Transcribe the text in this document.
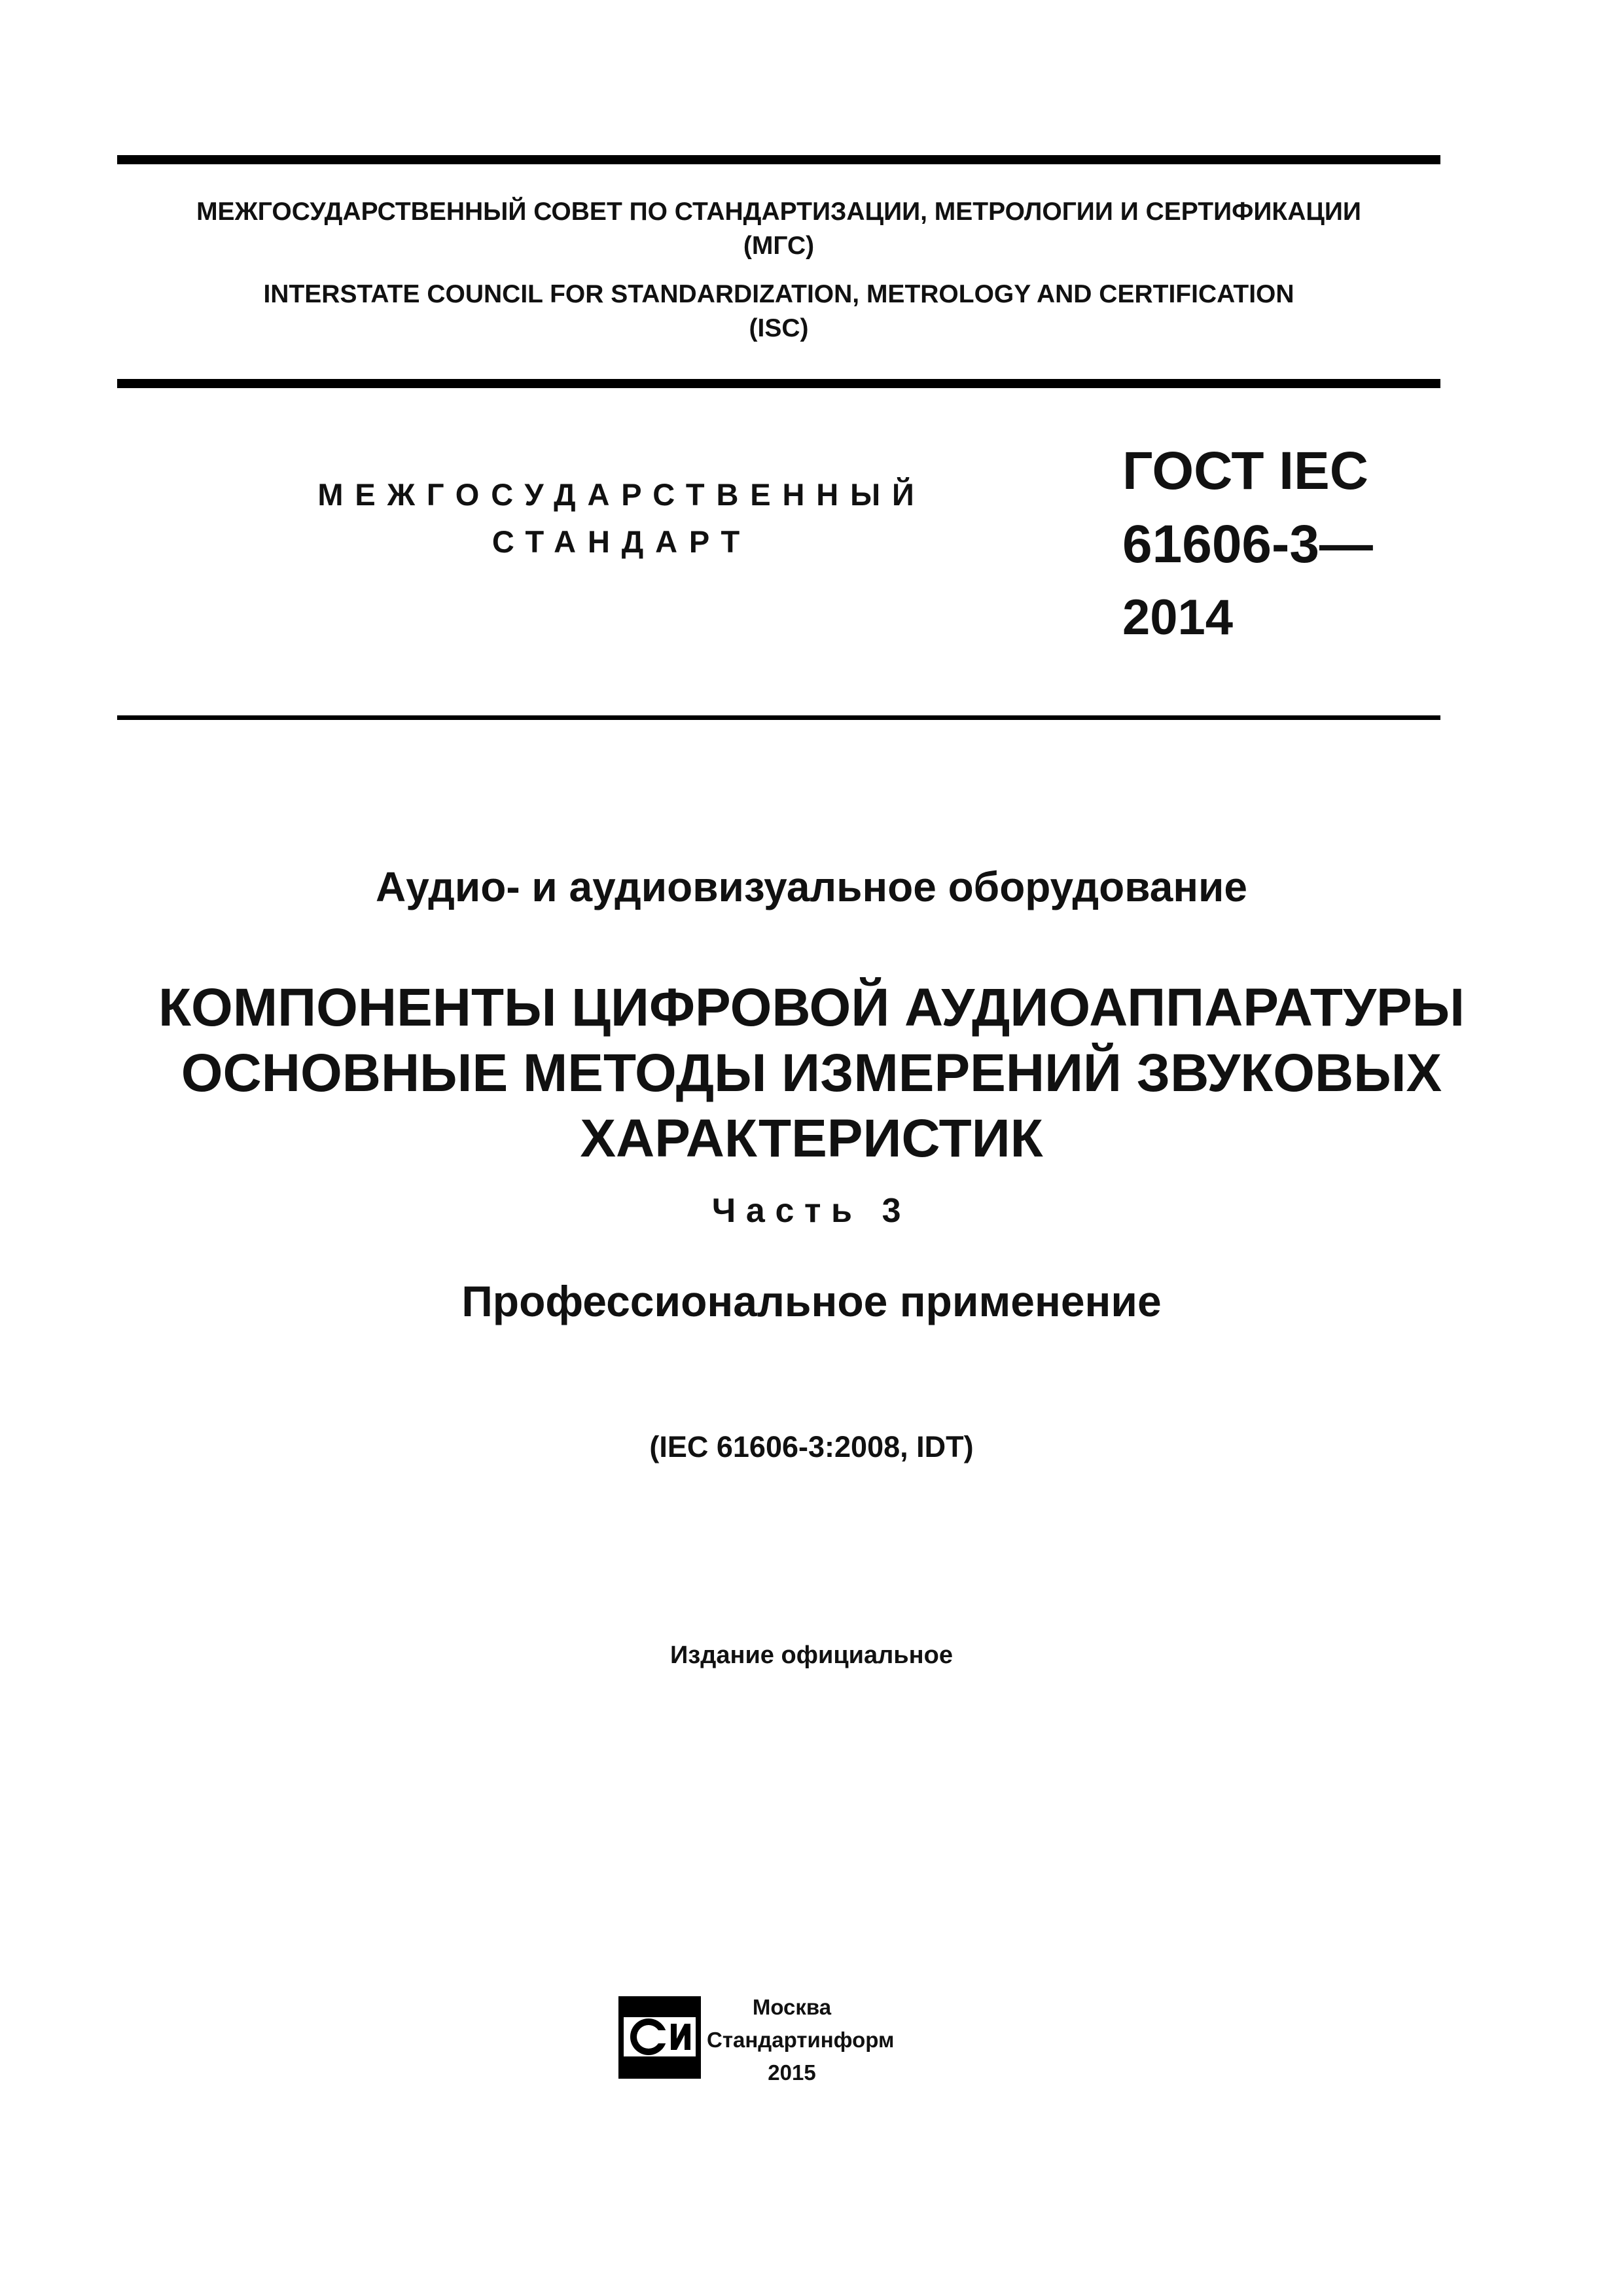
МЕЖГОСУДАРСТВЕННЫЙ СОВЕТ ПО СТАНДАРТИЗАЦИИ, МЕТРОЛОГИИ И СЕРТИФИКАЦИИ
(МГС)
INTERSTATE COUNCIL FOR STANDARDIZATION, METROLOGY AND CERTIFICATION
(ISC)
МЕЖГОСУДАРСТВЕННЫЙ
СТАНДАРТ
ГОСТ IEC
61606-3—
2014
Аудио- и аудиовизуальное оборудование
КОМПОНЕНТЫ ЦИФРОВОЙ АУДИОАППАРАТУРЫ
ОСНОВНЫЕ МЕТОДЫ ИЗМЕРЕНИЙ ЗВУКОВЫХ
ХАРАКТЕРИСТИК
Часть 3
Профессиональное применение
(IEC 61606-3:2008, IDT)
Издание официальное
Москва
Стандартинформ
2015
